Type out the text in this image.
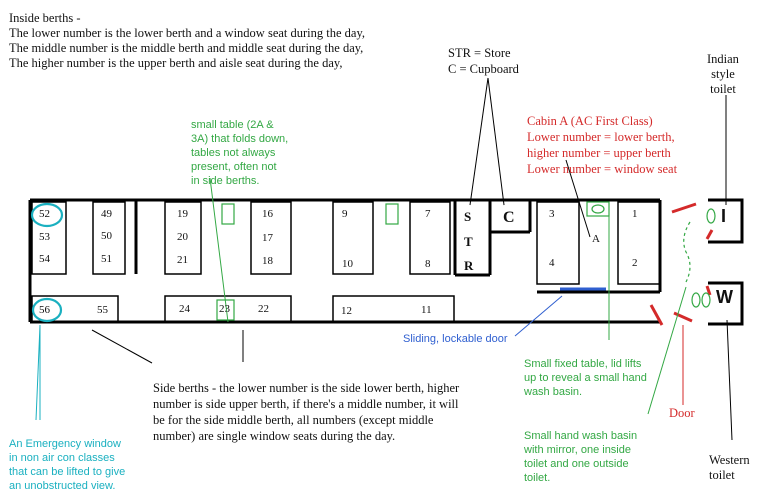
Inside berths -
The lower number is the lower berth and a window seat during the day,
The middle number is the middle berth and middle seat during the day,
The higher number is the upper berth and aisle seat during the day,
STR = Store
C = Cupboard

small table (2A &
3A) that folds down,
tables not always
present, often not
in side berths.

Cabin A (AC First Class)
Lower number = lower berth,
higher number = upper berth
Lower number = window seat

Indian
style
toilet

Western
toilet
I
W
52
53
54
49
50
51
19
20
21
16
17
18
9
10
7
8
3
4
1
2
A
S
T
R
C
56	55	24	23	22	12	11
Sliding, lockable door

Side berths - the lower number is the side lower berth, higher
number is side upper berth, if there's a middle number, it will
be for the side middle berth, all numbers (except middle
number) are single window seats during the day.

An Emergency window
in non air con classes
that can be lifted to give
an unobstructed view.

Small fixed table, lid lifts
up to reveal a small hand
wash basin.

Small hand wash basin
with mirror, one inside
toilet and one outside
toilet.
Door
